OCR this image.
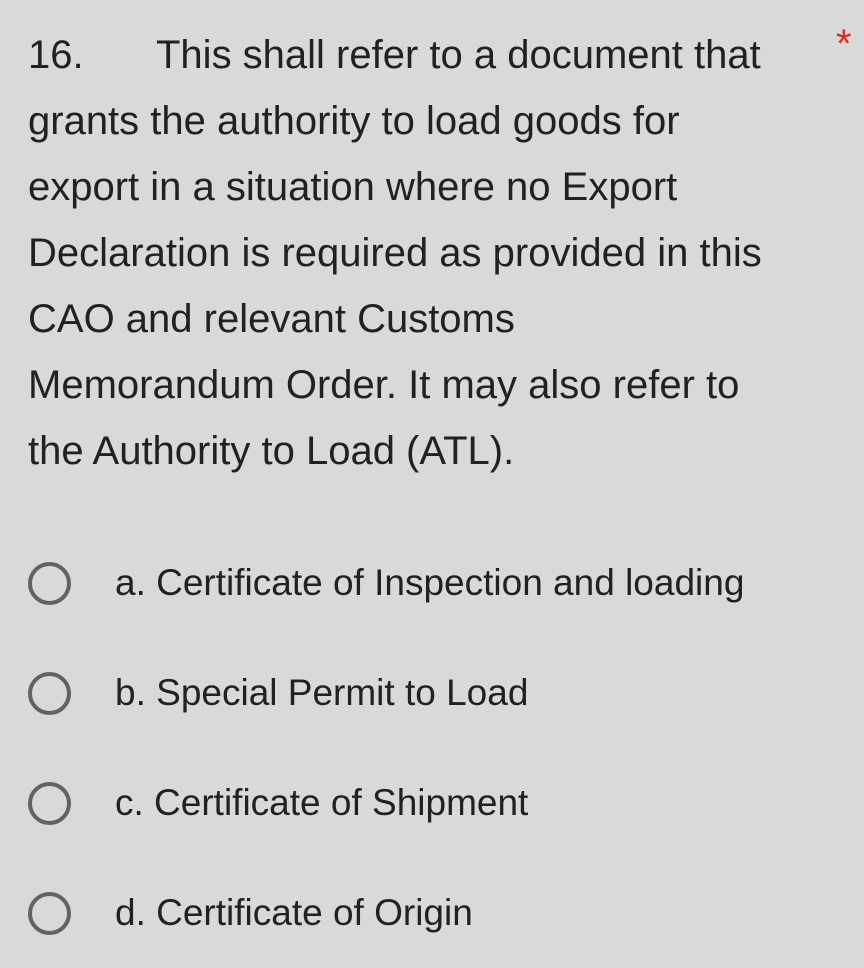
16. This shall refer to a document that
grants the authority to load goods for
export in a situation where no Export
Declaration is required as provided in this
CAO and relevant Customs
Memorandum Order. It may also refer to
the Authority to Load (ATL).
*
a. Certificate of Inspection and loading
b. Special Permit to Load
c. Certificate of Shipment
d. Certificate of Origin
